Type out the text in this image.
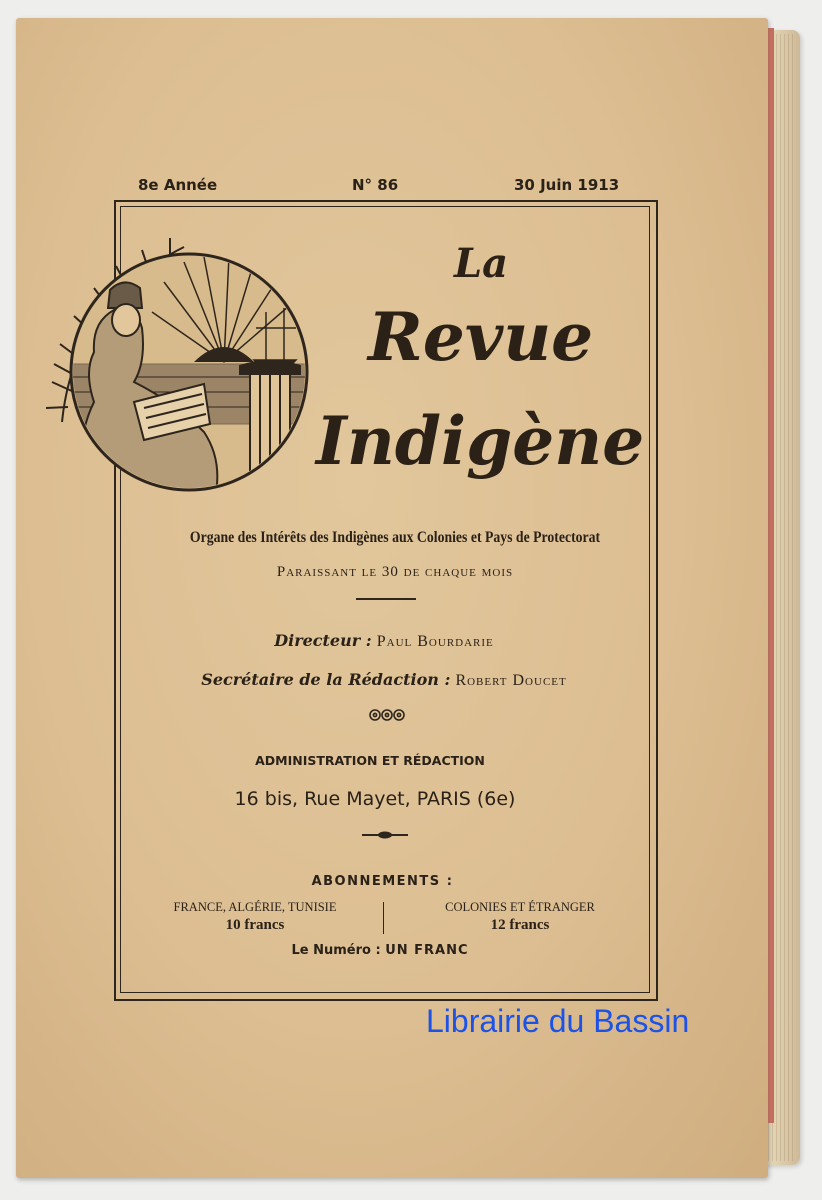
8e Année	N° 86	30 Juin 1913
La
Revue
Indigène
Organe des Intérêts des Indigènes aux Colonies et Pays de Protectorat
Paraissant le 30 de chaque mois
Directeur : Paul Bourdarie
Secrétaire de la Rédaction : Robert Doucet
ADMINISTRATION ET RÉDACTION
16 bis, Rue Mayet, PARIS (6e)
ABONNEMENTS :
FRANCE, ALGÉRIE, TUNISIE
10 francs
COLONIES ET ÉTRANGER
12 francs
Le Numéro : UN FRANC
Librairie du Bassin
